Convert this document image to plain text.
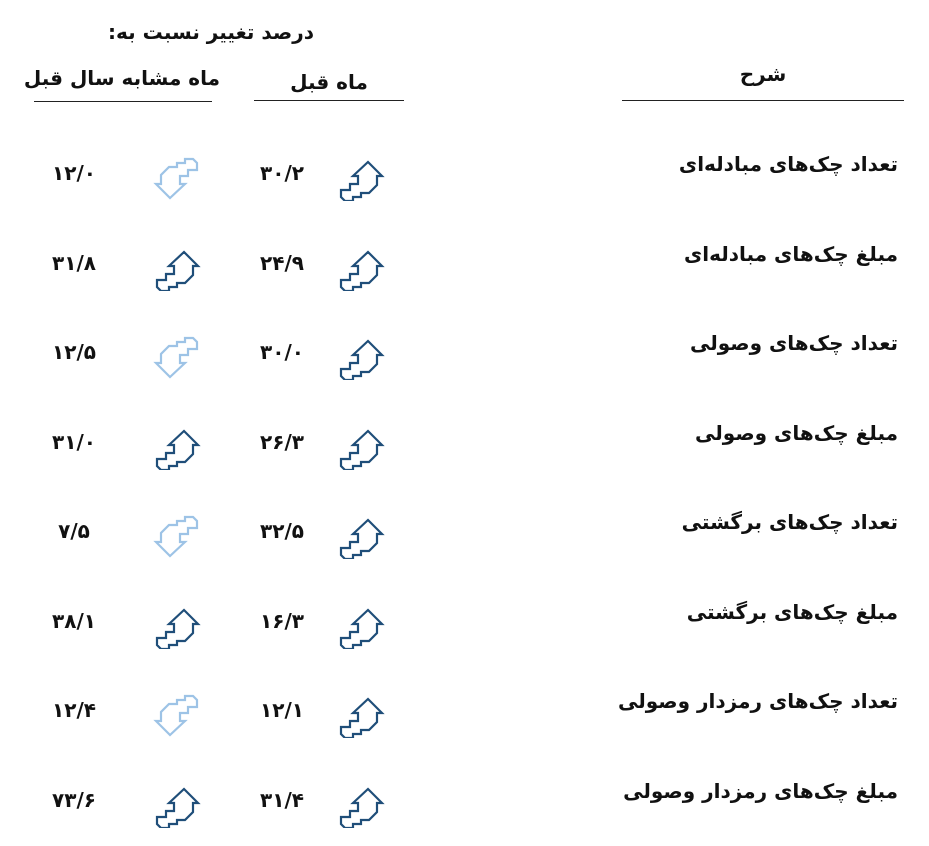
درصد تغییر نسبت به:
ماه مشابه سال قبل	ماه قبل	شرح
تعداد چک‌های مبادله‌ای
۳۰/۲
۱۲/۰
مبلغ چک‌های مبادله‌ای
۲۴/۹
۳۱/۸
تعداد چک‌های وصولی
۳۰/۰
۱۲/۵
مبلغ چک‌های وصولی
۲۶/۳
۳۱/۰
تعداد چک‌های برگشتی
۳۲/۵
۷/۵
مبلغ چک‌های برگشتی
۱۶/۳
۳۸/۱
تعداد چک‌های رمزدار وصولی
۱۲/۱
۱۲/۴
مبلغ چک‌های رمزدار وصولی
۳۱/۴
۷۳/۶
